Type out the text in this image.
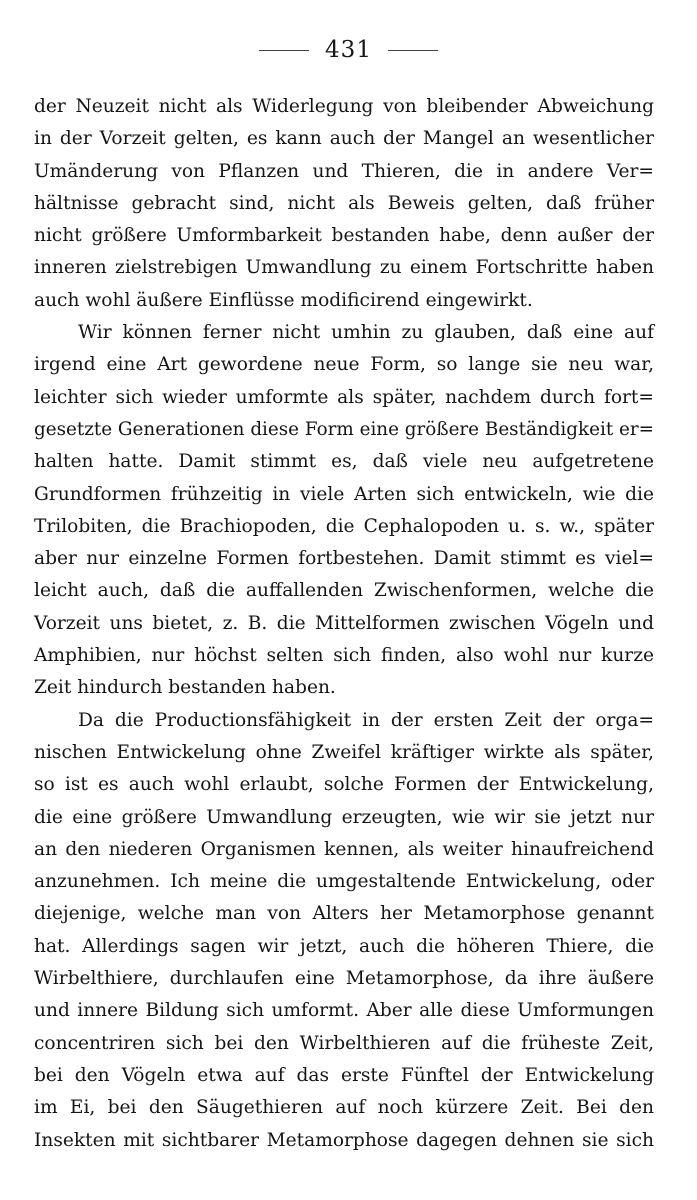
431
der Neuzeit nicht als Widerlegung von bleibender Abweichung
in der Vorzeit gelten, es kann auch der Mangel an wesentlicher
Umänderung von Pflanzen und Thieren, die in andere Ver=
hältnisse gebracht sind, nicht als Beweis gelten, daß früher
nicht größere Umformbarkeit bestanden habe, denn außer der
inneren zielstrebigen Umwandlung zu einem Fortschritte haben
auch wohl äußere Einflüsse modificirend eingewirkt.
Wir können ferner nicht umhin zu glauben, daß eine auf
irgend eine Art gewordene neue Form, so lange sie neu war,
leichter sich wieder umformte als später, nachdem durch fort=
gesetzte Generationen diese Form eine größere Beständigkeit er=
halten hatte. Damit stimmt es, daß viele neu aufgetretene
Grundformen frühzeitig in viele Arten sich entwickeln, wie die
Trilobiten, die Brachiopoden, die Cephalopoden u. s. w., später
aber nur einzelne Formen fortbestehen. Damit stimmt es viel=
leicht auch, daß die auffallenden Zwischenformen, welche die
Vorzeit uns bietet, z. B. die Mittelformen zwischen Vögeln und
Amphibien, nur höchst selten sich finden, also wohl nur kurze
Zeit hindurch bestanden haben.
Da die Productionsfähigkeit in der ersten Zeit der orga=
nischen Entwickelung ohne Zweifel kräftiger wirkte als später,
so ist es auch wohl erlaubt, solche Formen der Entwickelung,
die eine größere Umwandlung erzeugten, wie wir sie jetzt nur
an den niederen Organismen kennen, als weiter hinaufreichend
anzunehmen. Ich meine die umgestaltende Entwickelung, oder
diejenige, welche man von Alters her Metamorphose genannt
hat. Allerdings sagen wir jetzt, auch die höheren Thiere, die
Wirbelthiere, durchlaufen eine Metamorphose, da ihre äußere
und innere Bildung sich umformt. Aber alle diese Umformungen
concentriren sich bei den Wirbelthieren auf die früheste Zeit,
bei den Vögeln etwa auf das erste Fünftel der Entwickelung
im Ei, bei den Säugethieren auf noch kürzere Zeit. Bei den
Insekten mit sichtbarer Metamorphose dagegen dehnen sie sich
